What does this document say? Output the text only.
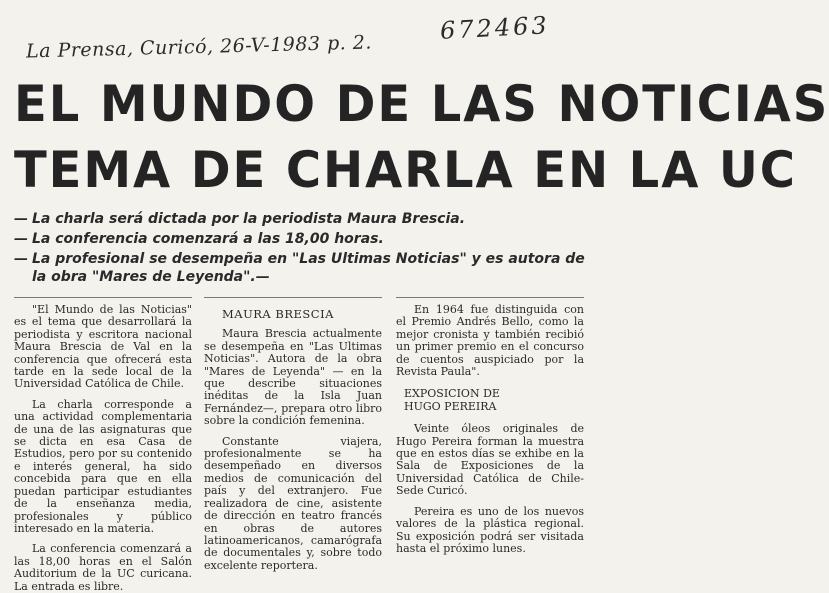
La Prensa, Curicó, 26-V-1983 p. 2.
672463
EL MUNDO DE LAS NOTICIAS
TEMA DE CHARLA EN LA UC
— La charla será dictada por la periodista Maura Brescia.
— La conferencia comenzará a las 18,00 horas.
— La profesional se desempeña en "Las Ultimas Noticias" y es autora de la obra "Mares de Leyenda".—

"El Mundo de las Noticias" es el tema que desarrollará la periodista y escritora nacional Maura Brescia de Val en la conferencia que ofrecerá esta tarde en la sede local de la Universidad Católica de Chile.

La charla corresponde a una actividad complementaria de una de las asignaturas que se dicta en esa Casa de Estudios, pero por su contenido e interés general, ha sido concebida para que en ella puedan participar estudiantes de la enseñanza media, profesionales y público interesado en la materia.

La conferencia comenzará a las 18,00 horas en el Salón Auditorium de la UC curicana. La entrada es libre.

MAURA BRESCIA

Maura Brescia actualmente se desempeña en "Las Ultimas Noticias". Autora de la obra "Mares de Leyenda" — en la que describe situaciones inéditas de la Isla Juan Fernández—, prepara otro libro sobre la condición femenina.

Constante viajera, profesionalmente se ha desempeñado en diversos medios de comunicación del país y del extranjero. Fue realizadora de cine, asistente de dirección en teatro francés en obras de autores latinoamericanos, camarógrafa de documentales y, sobre todo excelente reportera.

En 1964 fue distinguida con el Premio Andrés Bello, como la mejor cronista y también recibió un primer premio en el concurso de cuentos auspiciado por la Revista Paula".

EXPOSICION DE
HUGO PEREIRA

Veinte óleos originales de Hugo Pereira forman la muestra que en estos días se exhibe en la Sala de Exposiciones de la Universidad Católica de Chile-Sede Curicó.

Pereira es uno de los nuevos valores de la plástica regional. Su exposición podrá ser visitada hasta el próximo lunes.
